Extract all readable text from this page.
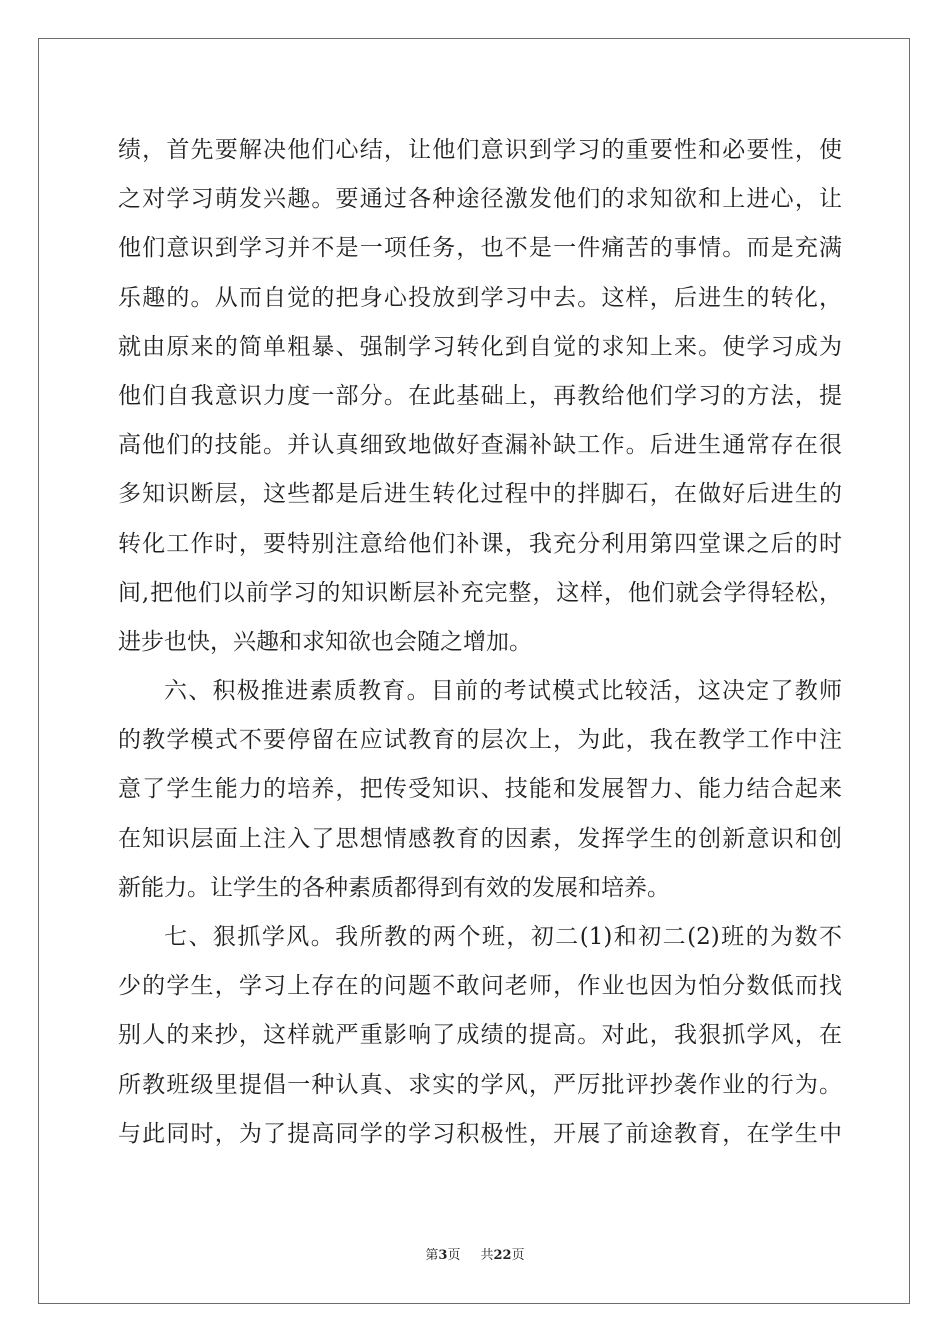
绩，首先要解决他们心结，让他们意识到学习的重要性和必要性，使
之对学习萌发兴趣。要通过各种途径激发他们的求知欲和上进心，让
他们意识到学习并不是一项任务，也不是一件痛苦的事情。而是充满
乐趣的。从而自觉的把身心投放到学习中去。这样，后进生的转化，
就由原来的简单粗暴、强制学习转化到自觉的求知上来。使学习成为
他们自我意识力度一部分。在此基础上，再教给他们学习的方法，提
高他们的技能。并认真细致地做好查漏补缺工作。后进生通常存在很
多知识断层，这些都是后进生转化过程中的拌脚石，在做好后进生的
转化工作时，要特别注意给他们补课，我充分利用第四堂课之后的时
间,把他们以前学习的知识断层补充完整，这样，他们就会学得轻松，
进步也快，兴趣和求知欲也会随之增加。
六、积极推进素质教育。目前的考试模式比较活，这决定了教师
的教学模式不要停留在应试教育的层次上，为此，我在教学工作中注
意了学生能力的培养，把传受知识、技能和发展智力、能力结合起来
在知识层面上注入了思想情感教育的因素，发挥学生的创新意识和创
新能力。让学生的各种素质都得到有效的发展和培养。
七、狠抓学风。我所教的两个班，初二(1)和初二(2)班的为数不
少的学生，学习上存在的问题不敢问老师，作业也因为怕分数低而找
别人的来抄，这样就严重影响了成绩的提高。对此，我狠抓学风，在
所教班级里提倡一种认真、求实的学风，严厉批评抄袭作业的行为。
与此同时，为了提高同学的学习积极性，开展了前途教育，在学生中
第3页 共22页
